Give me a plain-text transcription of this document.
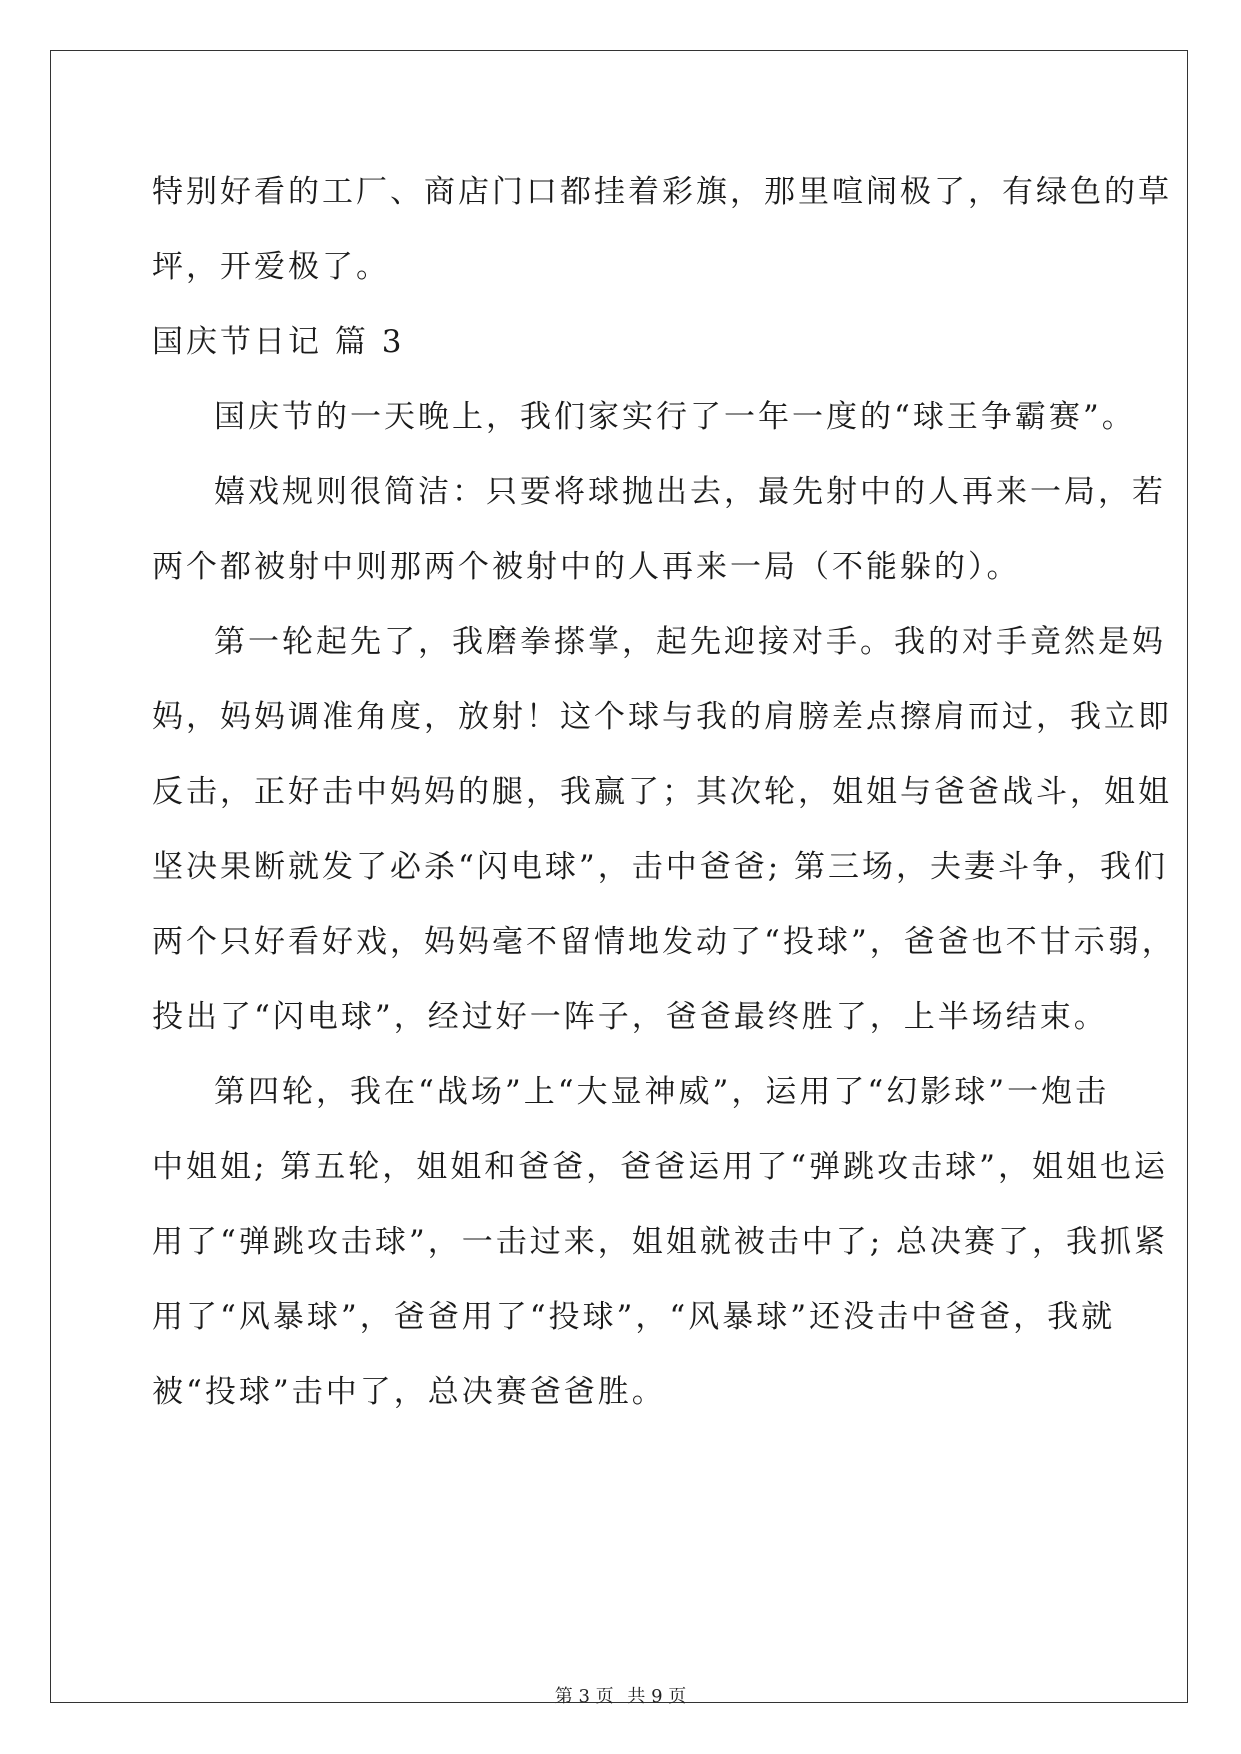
特别好看的工厂、商店门口都挂着彩旗，那里喧闹极了，有绿色的草
坪，开爱极了。
国庆节日记 篇 3
国庆节的一天晚上，我们家实行了一年一度的“球王争霸赛”。
嬉戏规则很简洁：只要将球抛出去，最先射中的人再来一局，若
两个都被射中则那两个被射中的人再来一局（不能躲的）。
第一轮起先了，我磨拳搽掌，起先迎接对手。我的对手竟然是妈
妈，妈妈调准角度，放射！这个球与我的肩膀差点擦肩而过，我立即
反击，正好击中妈妈的腿，我赢了；其次轮，姐姐与爸爸战斗，姐姐
坚决果断就发了必杀“闪电球”，击中爸爸; 第三场，夫妻斗争，我们
两个只好看好戏，妈妈毫不留情地发动了“投球”，爸爸也不甘示弱，
投出了“闪电球”，经过好一阵子，爸爸最终胜了，上半场结束。
第四轮，我在“战场”上“大显神威”，运用了“幻影球”一炮击
中姐姐; 第五轮，姐姐和爸爸，爸爸运用了“弹跳攻击球”，姐姐也运
用了“弹跳攻击球”，一击过来，姐姐就被击中了; 总决赛了，我抓紧
用了“风暴球”，爸爸用了“投球”，“风暴球”还没击中爸爸，我就
被“投球”击中了，总决赛爸爸胜。
第 3 页 共 9 页
